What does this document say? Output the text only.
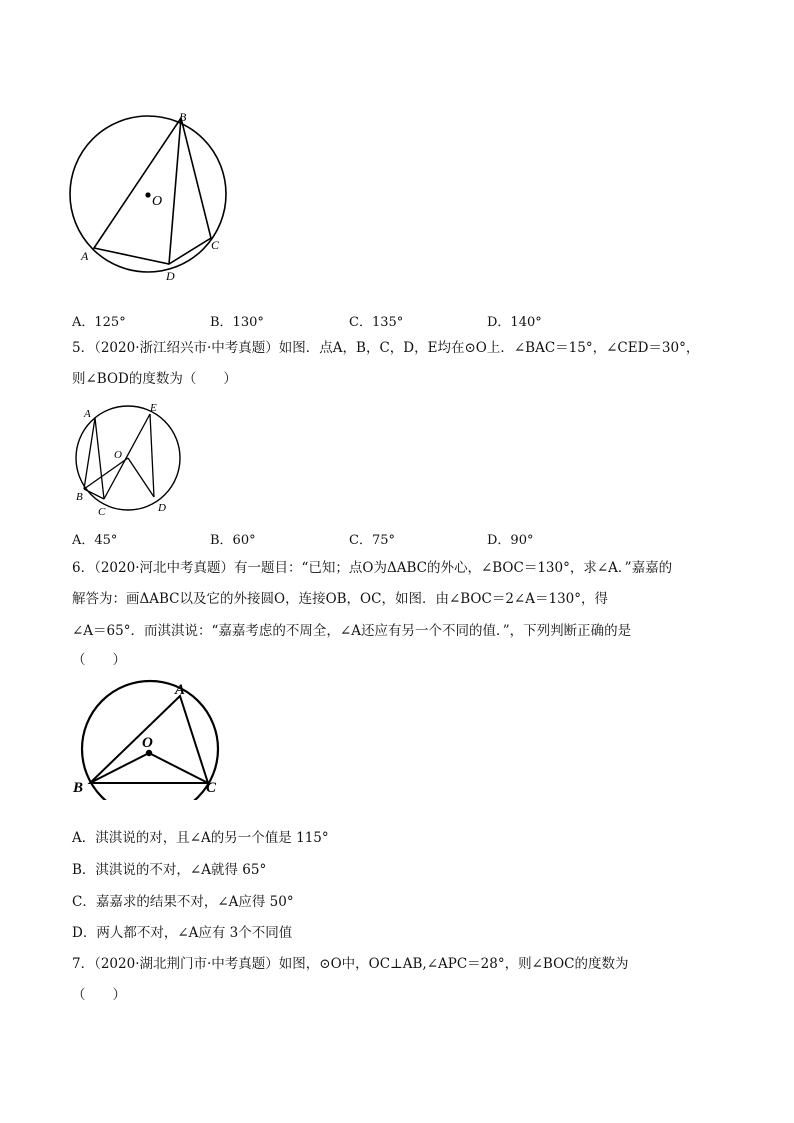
B
O
C
A
D
A．125°	B．130°	C．135°	D．140°
5．（2020·浙江绍兴市·中考真题）如图．点A，B，C，D，E均在⊙O上．∠BAC＝15°，∠CED＝30°，
则∠BOD的度数为（　　）
A	E
O
B
C	D
A．45°	B．60°	C．75°	D．90°
6．（2020·河北中考真题）有一题目：“已知；点O为ΔABC的外心，∠BOC＝130°，求∠A．”嘉嘉的
解答为：画ΔABC以及它的外接圆O，连接OB，OC，如图．由∠BOC＝2∠A＝130°，得
∠A＝65°．而淇淇说：“嘉嘉考虑的不周全，∠A还应有另一个不同的值．”，下列判断正确的是
（　　）
A
O
B	C
A．淇淇说的对，且∠A的另一个值是 115°
B．淇淇说的不对，∠A就得 65°
C．嘉嘉求的结果不对，∠A应得 50°
D．两人都不对，∠A应有 3个不同值
7．（2020·湖北荆门市·中考真题）如图，⊙O中，OC⊥AB,∠APC＝28°，则∠BOC的度数为
（　　）
